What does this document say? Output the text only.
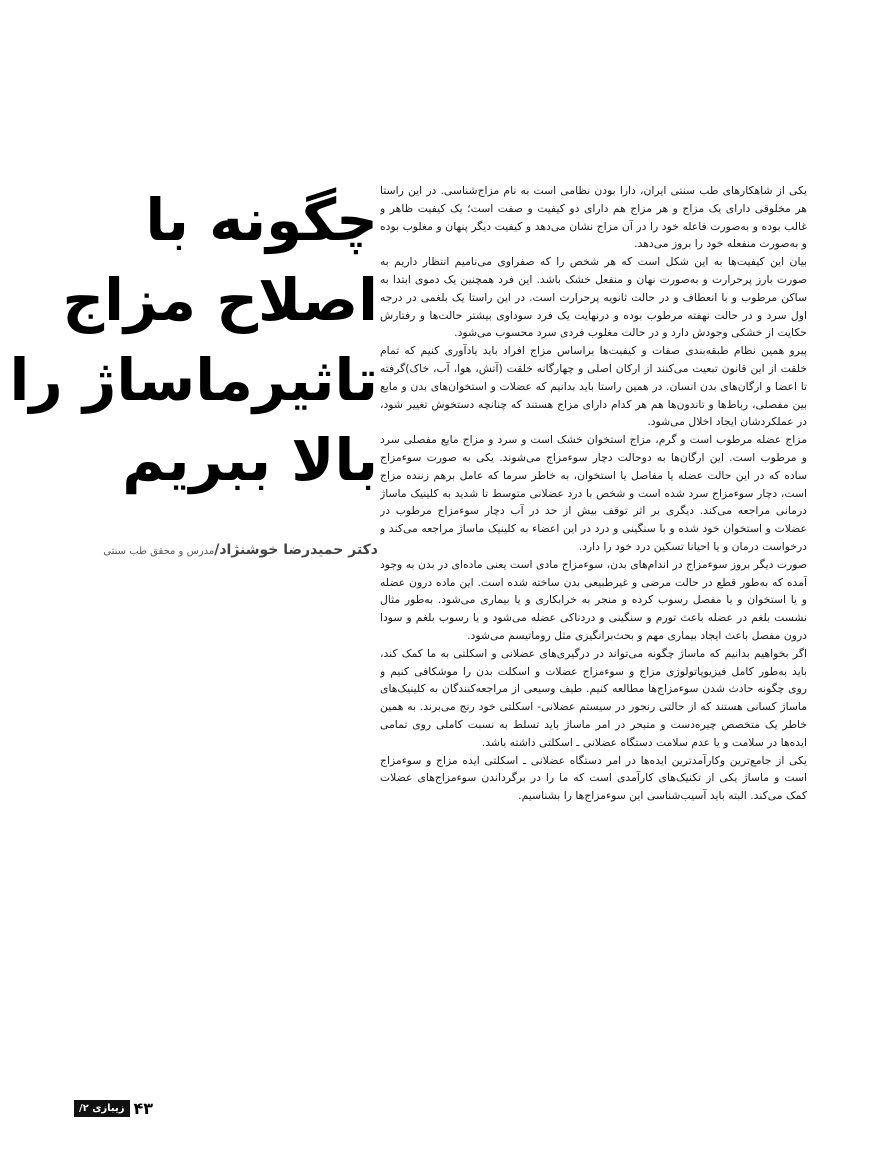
چگونه با
اصلاح مزاج
تاثیرماساژ را
بالا ببریم
دکتر حمیدرضا خوشنژاد/مدرس و محقق طب سنتی

یکی از شاهکارهای طب سنتی ایران، دارا بودن نظامی است به نام مزاج‌شناسی. در این راستا هر مخلوقی دارای یک مزاج و هر مزاج هم دارای دو کیفیت و صفت است؛ یک کیفیت ظاهر و غالب بوده و به‌صورت فاعله خود را در آن مزاج نشان می‌دهد و کیفیت دیگر پنهان و مغلوب بوده و به‌صورت منفعله خود را بروز می‌دهد.

بیان این کیفیت‌ها به این شکل است که هر شخص را که صفراوی می‌نامیم انتظار داریم به صورت بارز پرحرارت و به‌صورت نهان و منفعل خشک باشد. این فرد همچنین یک دموی ابتدا به ساکن مرطوب و با انعطاف و در حالت ثانویه پرحرارت است. در این راستا یک بلغمی در درجه اول سرد و در حالت نهفته مرطوب بوده و درنهایت یک فرد سوداوی بیشتر حالت‌ها و رفتارش حکایت از خشکی وجودش دارد و در حالت مغلوب فردی سرد محسوب می‌شود.

پیرو همین نظام طبقه‌بندی صفات و کیفیت‌ها براساس مزاج افراد باید یادآوری کنیم که تمام خلقت از این قانون تبعیت می‌کنند از ارکان اصلی و چهارگانه خلقت (آتش، هوا، آب، خاک)گرفته تا اعضا و ارگان‌های بدن انسان. در همین راستا باید بدانیم که عضلات و استخوان‌های بدن و مایع بین مفصلی، رباط‌ها و تاندون‌ها هم هر کدام دارای مزاج هستند که چنانچه دستخوش تغییر شود، در عملکردشان ایجاد اخلال می‌شود.

مزاج عضله مرطوب است و گرم، مزاج استخوان خشک است و سرد و مزاج مایع مفصلی سرد و مرطوب است. این ارگان‌ها به دوحالت دچار سوء‌مزاج می‌شوند. یکی به صورت سوء‌مزاج ساده که در این حالت عضله یا مفاصل یا استخوان، به خاطر سرما که عامل برهم زننده مزاج است، دچار سوء‌مزاج سرد شده است و شخص با درد عضلانی متوسط تا شدید به کلینیک ماساژ درمانی مراجعه می‌کند. دیگری بر اثر توقف بیش از حد در آب دچار سوء‌مزاج مرطوب در عضلات و استخوان خود شده و با سنگینی و درد در این اعضاء به کلینیک ماساژ مراجعه می‌کند و درخواست درمان و یا احیانا تسکین درد خود را دارد.

صورت دیگر بروز سوء‌مزاج در اندام‌های بدن، سوء‌مزاج مادی است یعنی ماده‌ای در بدن به وجود آمده که به‌طور قطع در حالت مرضی و غیرطبیعی بدن ساخته شده است. این ماده درون عضله و یا استخوان و یا مفصل رسوب کرده و منجر به خرابکاری و یا بیماری می‌شود. به‌طور مثال نشست بلغم در عضله باعث تورم و سنگینی و دردناکی عضله می‌شود و یا رسوب بلغم و سودا درون مفصل باعث ایجاد بیماری مهم و بحث‌برانگیزی مثل روماتیسم می‌شود.

اگر بخواهیم بدانیم که ماساژ چگونه می‌تواند در درگیری‌های عضلانی و اسکلتی به ما کمک کند، باید به‌طور کامل فیزیوپاتولوژی مزاج و سوءمزاج عضلات و اسکلت بدن را موشکافی کنیم و روی چگونه حادث شدن سوء‌مزاج‌ها مطالعه کنیم. طیف وسیعی از مراجعه‌کنندگان به کلینیک‌های ماساژ کسانی هستند که از حالتی رنجور در سیستم عضلانی- اسکلتی خود رنج می‌برند. به همین خاطر یک متخصص چیره‌دست و متبحر در امر ماساژ باید تسلط به نسبت کاملی روی تمامی ایده‌ها در سلامت و یا عدم سلامت دستگاه عضلانی ـ اسکلتی داشته باشد.

یکی از جامع‌ترین وکارآمدترین ایده‌ها در امر دستگاه عضلانی ـ اسکلتی ایده مزاج و سوء‌مزاج است و ماساژ یکی از تکنیک‌های کارآمدی است که ما را در برگرداندن سوء‌مزاج‌های عضلات کمک می‌کند. البته باید آسیب‌شناسی این سوء‌مزاج‌ها را بشناسیم.

۴۳
زیبازی ۲/
